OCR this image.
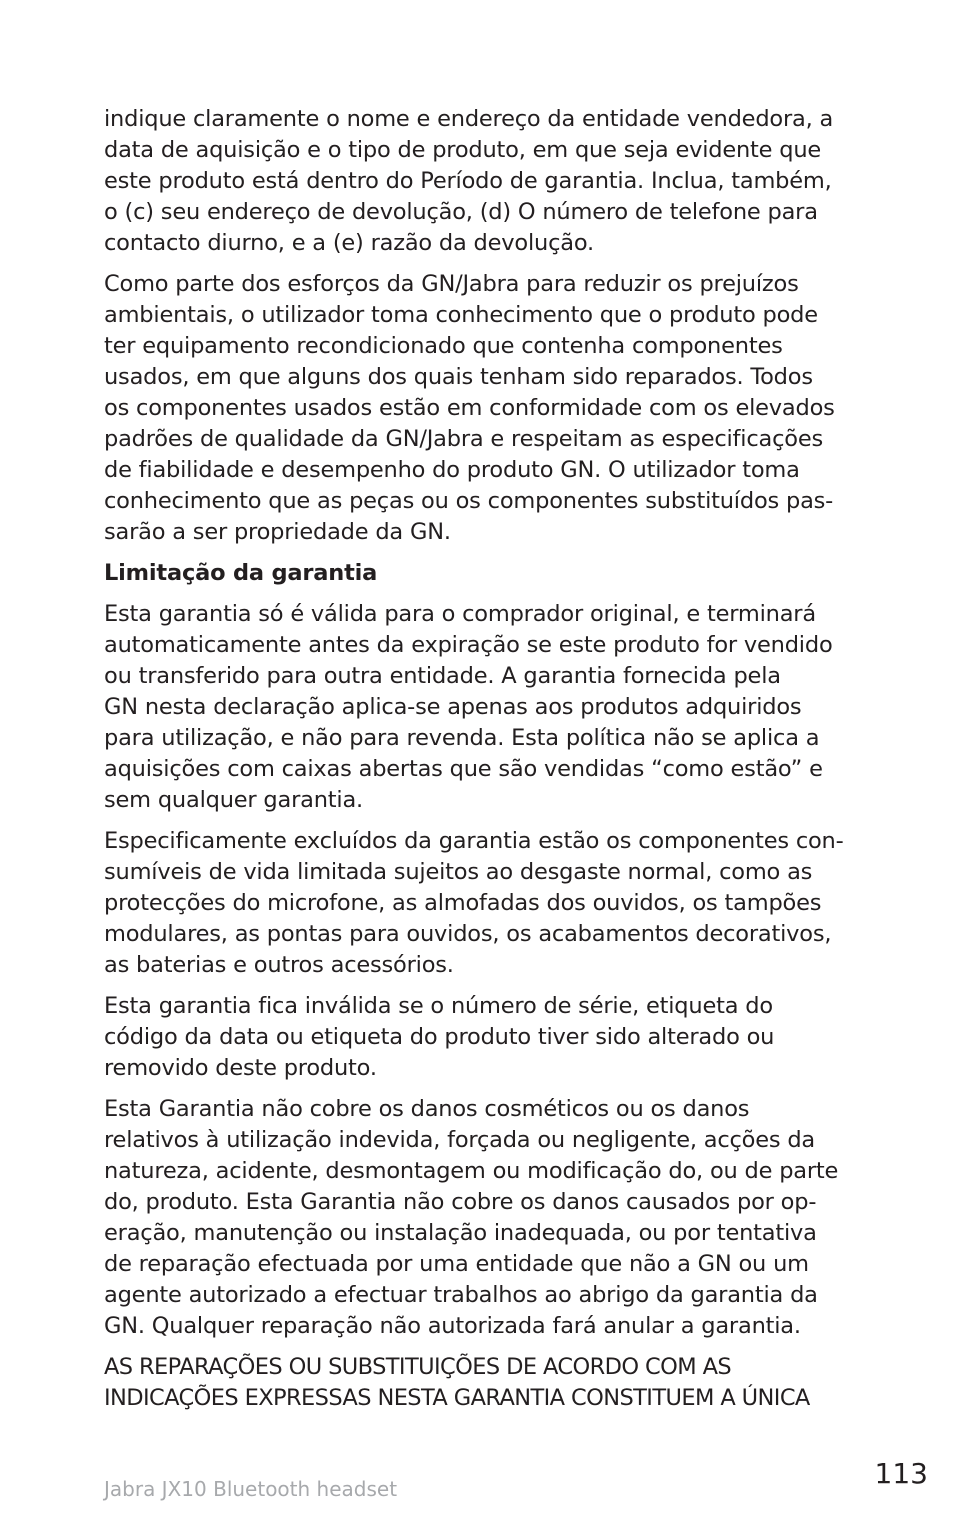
indique claramente o nome e endereço da entidade vendedora, a
data de aquisição e o tipo de produto, em que seja evidente que
este produto está dentro do Período de garantia. Inclua, também,
o (c) seu endereço de devolução, (d) O número de telefone para
contacto diurno, e a (e) razão da devolução.

Como parte dos esforços da GN/Jabra para reduzir os prejuízos
ambientais, o utilizador toma conhecimento que o produto pode
ter equipamento recondicionado que contenha componentes
usados, em que alguns dos quais tenham sido reparados. Todos
os componentes usados estão em conformidade com os elevados
padrões de qualidade da GN/Jabra e respeitam as especificações
de fiabilidade e desempenho do produto GN. O utilizador toma
conhecimento que as peças ou os componentes substituídos pas-
sarão a ser propriedade da GN.

Limitação da garantia

Esta garantia só é válida para o comprador original, e terminará
automaticamente antes da expiração se este produto for vendido
ou transferido para outra entidade. A garantia fornecida pela
GN nesta declaração aplica-se apenas aos produtos adquiridos
para utilização, e não para revenda. Esta política não se aplica a
aquisições com caixas abertas que são vendidas “como estão” e
sem qualquer garantia.

Especificamente excluídos da garantia estão os componentes con-
sumíveis de vida limitada sujeitos ao desgaste normal, como as
protecções do microfone, as almofadas dos ouvidos, os tampões
modulares, as pontas para ouvidos, os acabamentos decorativos,
as baterias e outros acessórios.

Esta garantia fica inválida se o número de série, etiqueta do
código da data ou etiqueta do produto tiver sido alterado ou
removido deste produto.

Esta Garantia não cobre os danos cosméticos ou os danos
relativos à utilização indevida, forçada ou negligente, acções da
natureza, acidente, desmontagem ou modificação do, ou de parte
do, produto. Esta Garantia não cobre os danos causados por op-
eração, manutenção ou instalação inadequada, ou por tentativa
de reparação efectuada por uma entidade que não a GN ou um
agente autorizado a efectuar trabalhos ao abrigo da garantia da
GN. Qualquer reparação não autorizada fará anular a garantia.

AS REPARAÇÕES OU SUBSTITUIÇÕES DE ACORDO COM AS
INDICAÇÕES EXPRESSAS NESTA GARANTIA CONSTITUEM A ÚNICA

Jabra JX10 Bluetooth headset	113
